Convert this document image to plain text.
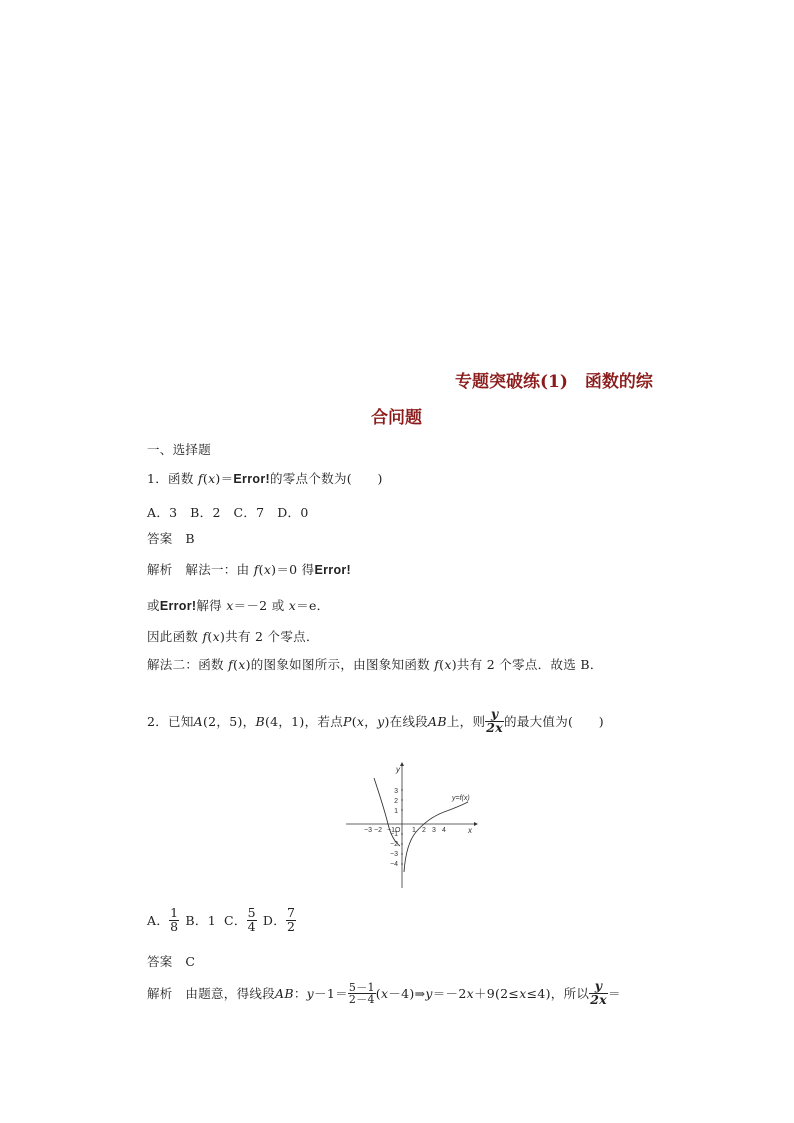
专题突破练(1)　函数的综
合问题
一、选择题
1．函数 f(x)＝Error!的零点个数为(　　)
A．3　B．2　C．7　D．0
答案　B
解析　解法一：由 f(x)＝0 得Error!
或Error!解得 x＝－2 或 x＝e．
因此函数 f(x)共有 2 个零点．
解法二：函数 f(x)的图象如图所示，由图象知函数 f(x)共有 2 个零点．故选 B．
2．已知 A (2，5)， B (4，1)，若点 P ( x ， y )在线段 AB 上，则 $\frac{y}{2x}$ 的最大值为(　　)
y
x
3
2
1
−1
−2
−3
−4
−3 −2 −1 O 1 2 3 4
y=f(x)
A． $\frac{1}{8}$ B．1 C． $\frac{5}{4}$ D． $\frac{7}{2}$
答案　C
解析　由题意，得线段 AB ： $y -1= \frac{5-1}{2-4}$ ( x －4)⇒ y ＝－2 x ＋9(2≤ x ≤4)，所以 $\frac{y}{2x}$ ＝
